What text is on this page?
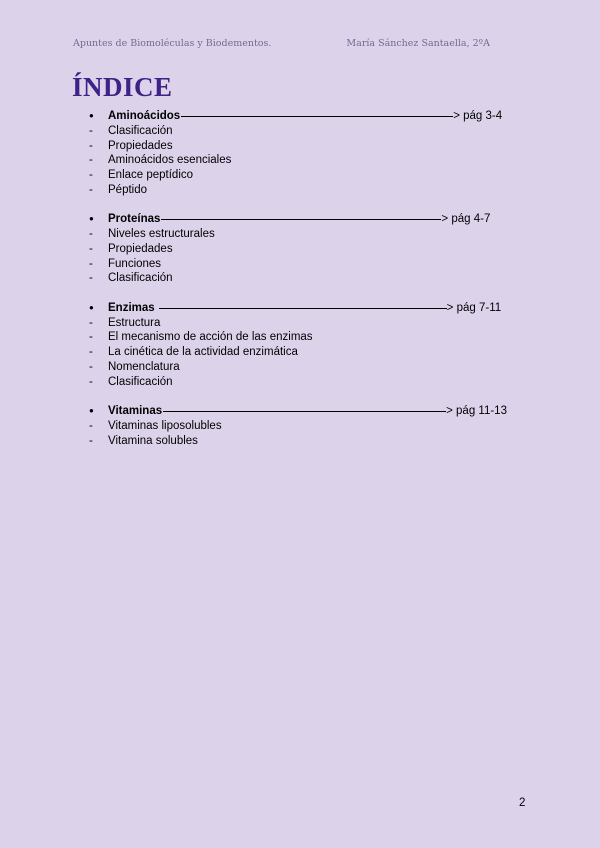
Apuntes de Biomoléculas y Biodementos.	María Sánchez Santaella, 2ºA
ÍNDICE
●	Aminoácidos	> pág 3-4
-	Clasificación
-	Propiedades
-	Aminoácidos esenciales
-	Enlace peptídico
-	Péptido
●	Proteínas	> pág 4-7
-	Niveles estructurales
-	Propiedades
-	Funciones
-	Clasificación
●	Enzimas	> pág 7-11
-	Estructura
-	El mecanismo de acción de las enzimas
-	La cinética de la actividad enzimática
-	Nomenclatura
-	Clasificación
●	Vitaminas	> pág 11-13
-	Vitaminas liposolubles
-	Vitamina solubles
2
